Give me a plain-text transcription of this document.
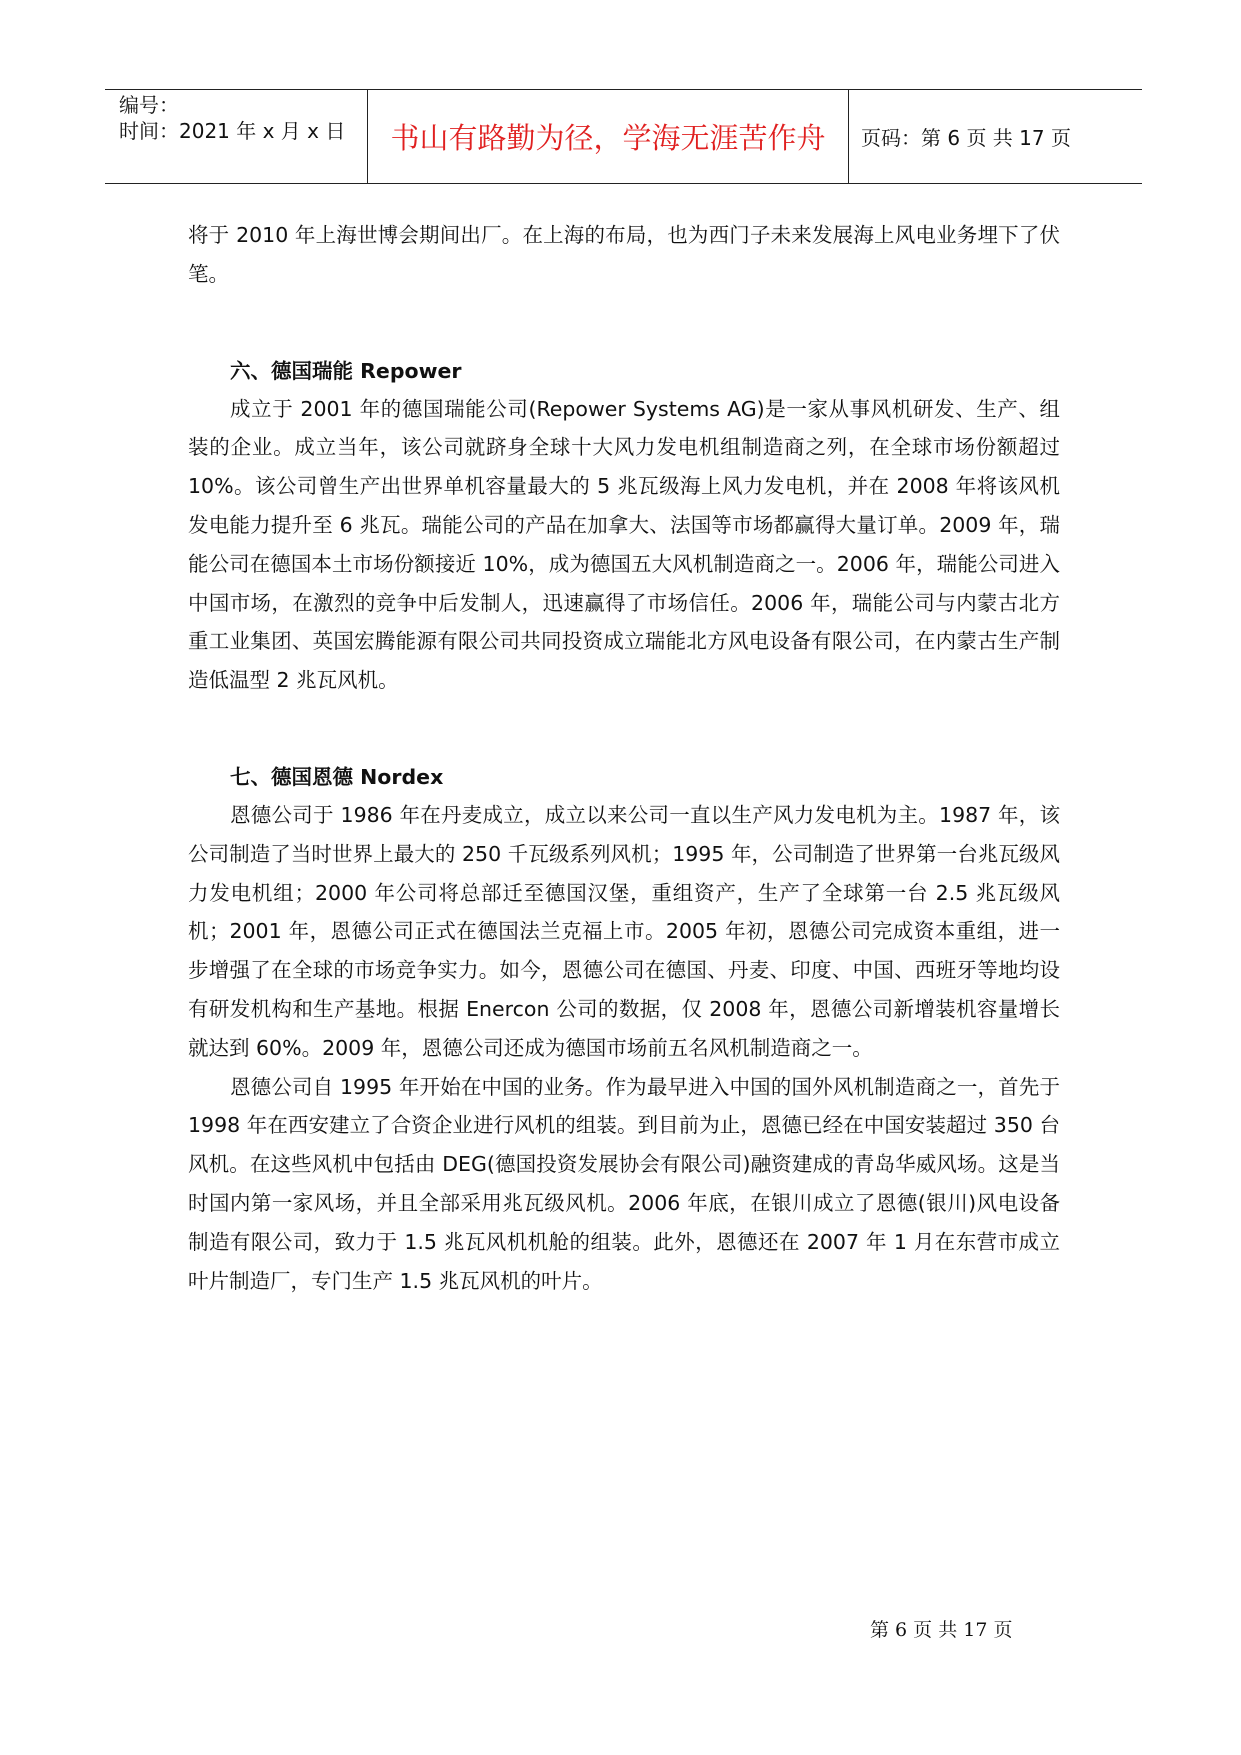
编号：
时间：2021 年 x 月 x 日 书山有路勤为径，学海无涯苦作舟 页码：第 6 页 共 17 页

将于 2010 年上海世博会期间出厂。在上海的布局，也为西门子未来发展海上风电业务埋下了伏笔。

六、德国瑞能 Repower

成立于 2001 年的德国瑞能公司(Repower Systems AG)是一家从事风机研发、生产、组装的企业。成立当年，该公司就跻身全球十大风力发电机组制造商之列，在全球市场份额超过 10%。该公司曾生产出世界单机容量最大的 5 兆瓦级海上风力发电机，并在 2008 年将该风机发电能力提升至 6 兆瓦。瑞能公司的产品在加拿大、法国等市场都赢得大量订单。2009 年，瑞能公司在德国本土市场份额接近 10%，成为德国五大风机制造商之一。2006 年，瑞能公司进入中国市场，在激烈的竞争中后发制人，迅速赢得了市场信任。2006 年，瑞能公司与内蒙古北方重工业集团、英国宏腾能源有限公司共同投资成立瑞能北方风电设备有限公司，在内蒙古生产制造低温型 2 兆瓦风机。

七、德国恩德 Nordex

恩德公司于 1986 年在丹麦成立，成立以来公司一直以生产风力发电机为主。1987 年，该公司制造了当时世界上最大的 250 千瓦级系列风机；1995 年，公司制造了世界第一台兆瓦级风力发电机组；2000 年公司将总部迁至德国汉堡，重组资产，生产了全球第一台 2.5 兆瓦级风机；2001 年，恩德公司正式在德国法兰克福上市。2005 年初，恩德公司完成资本重组，进一步增强了在全球的市场竞争实力。如今，恩德公司在德国、丹麦、印度、中国、西班牙等地均设有研发机构和生产基地。根据 Enercon 公司的数据，仅 2008 年，恩德公司新增装机容量增长就达到 60%。2009 年，恩德公司还成为德国市场前五名风机制造商之一。

恩德公司自 1995 年开始在中国的业务。作为最早进入中国的国外风机制造商之一，首先于 1998 年在西安建立了合资企业进行风机的组装。到目前为止，恩德已经在中国安装超过 350 台风机。在这些风机中包括由 DEG(德国投资发展协会有限公司)融资建成的青岛华威风场。这是当时国内第一家风场，并且全部采用兆瓦级风机。2006 年底，在银川成立了恩德(银川)风电设备制造有限公司，致力于 1.5 兆瓦风机机舱的组装。此外，恩德还在 2007 年 1 月在东营市成立叶片制造厂，专门生产 1.5 兆瓦风机的叶片。

第 6 页 共 17 页
